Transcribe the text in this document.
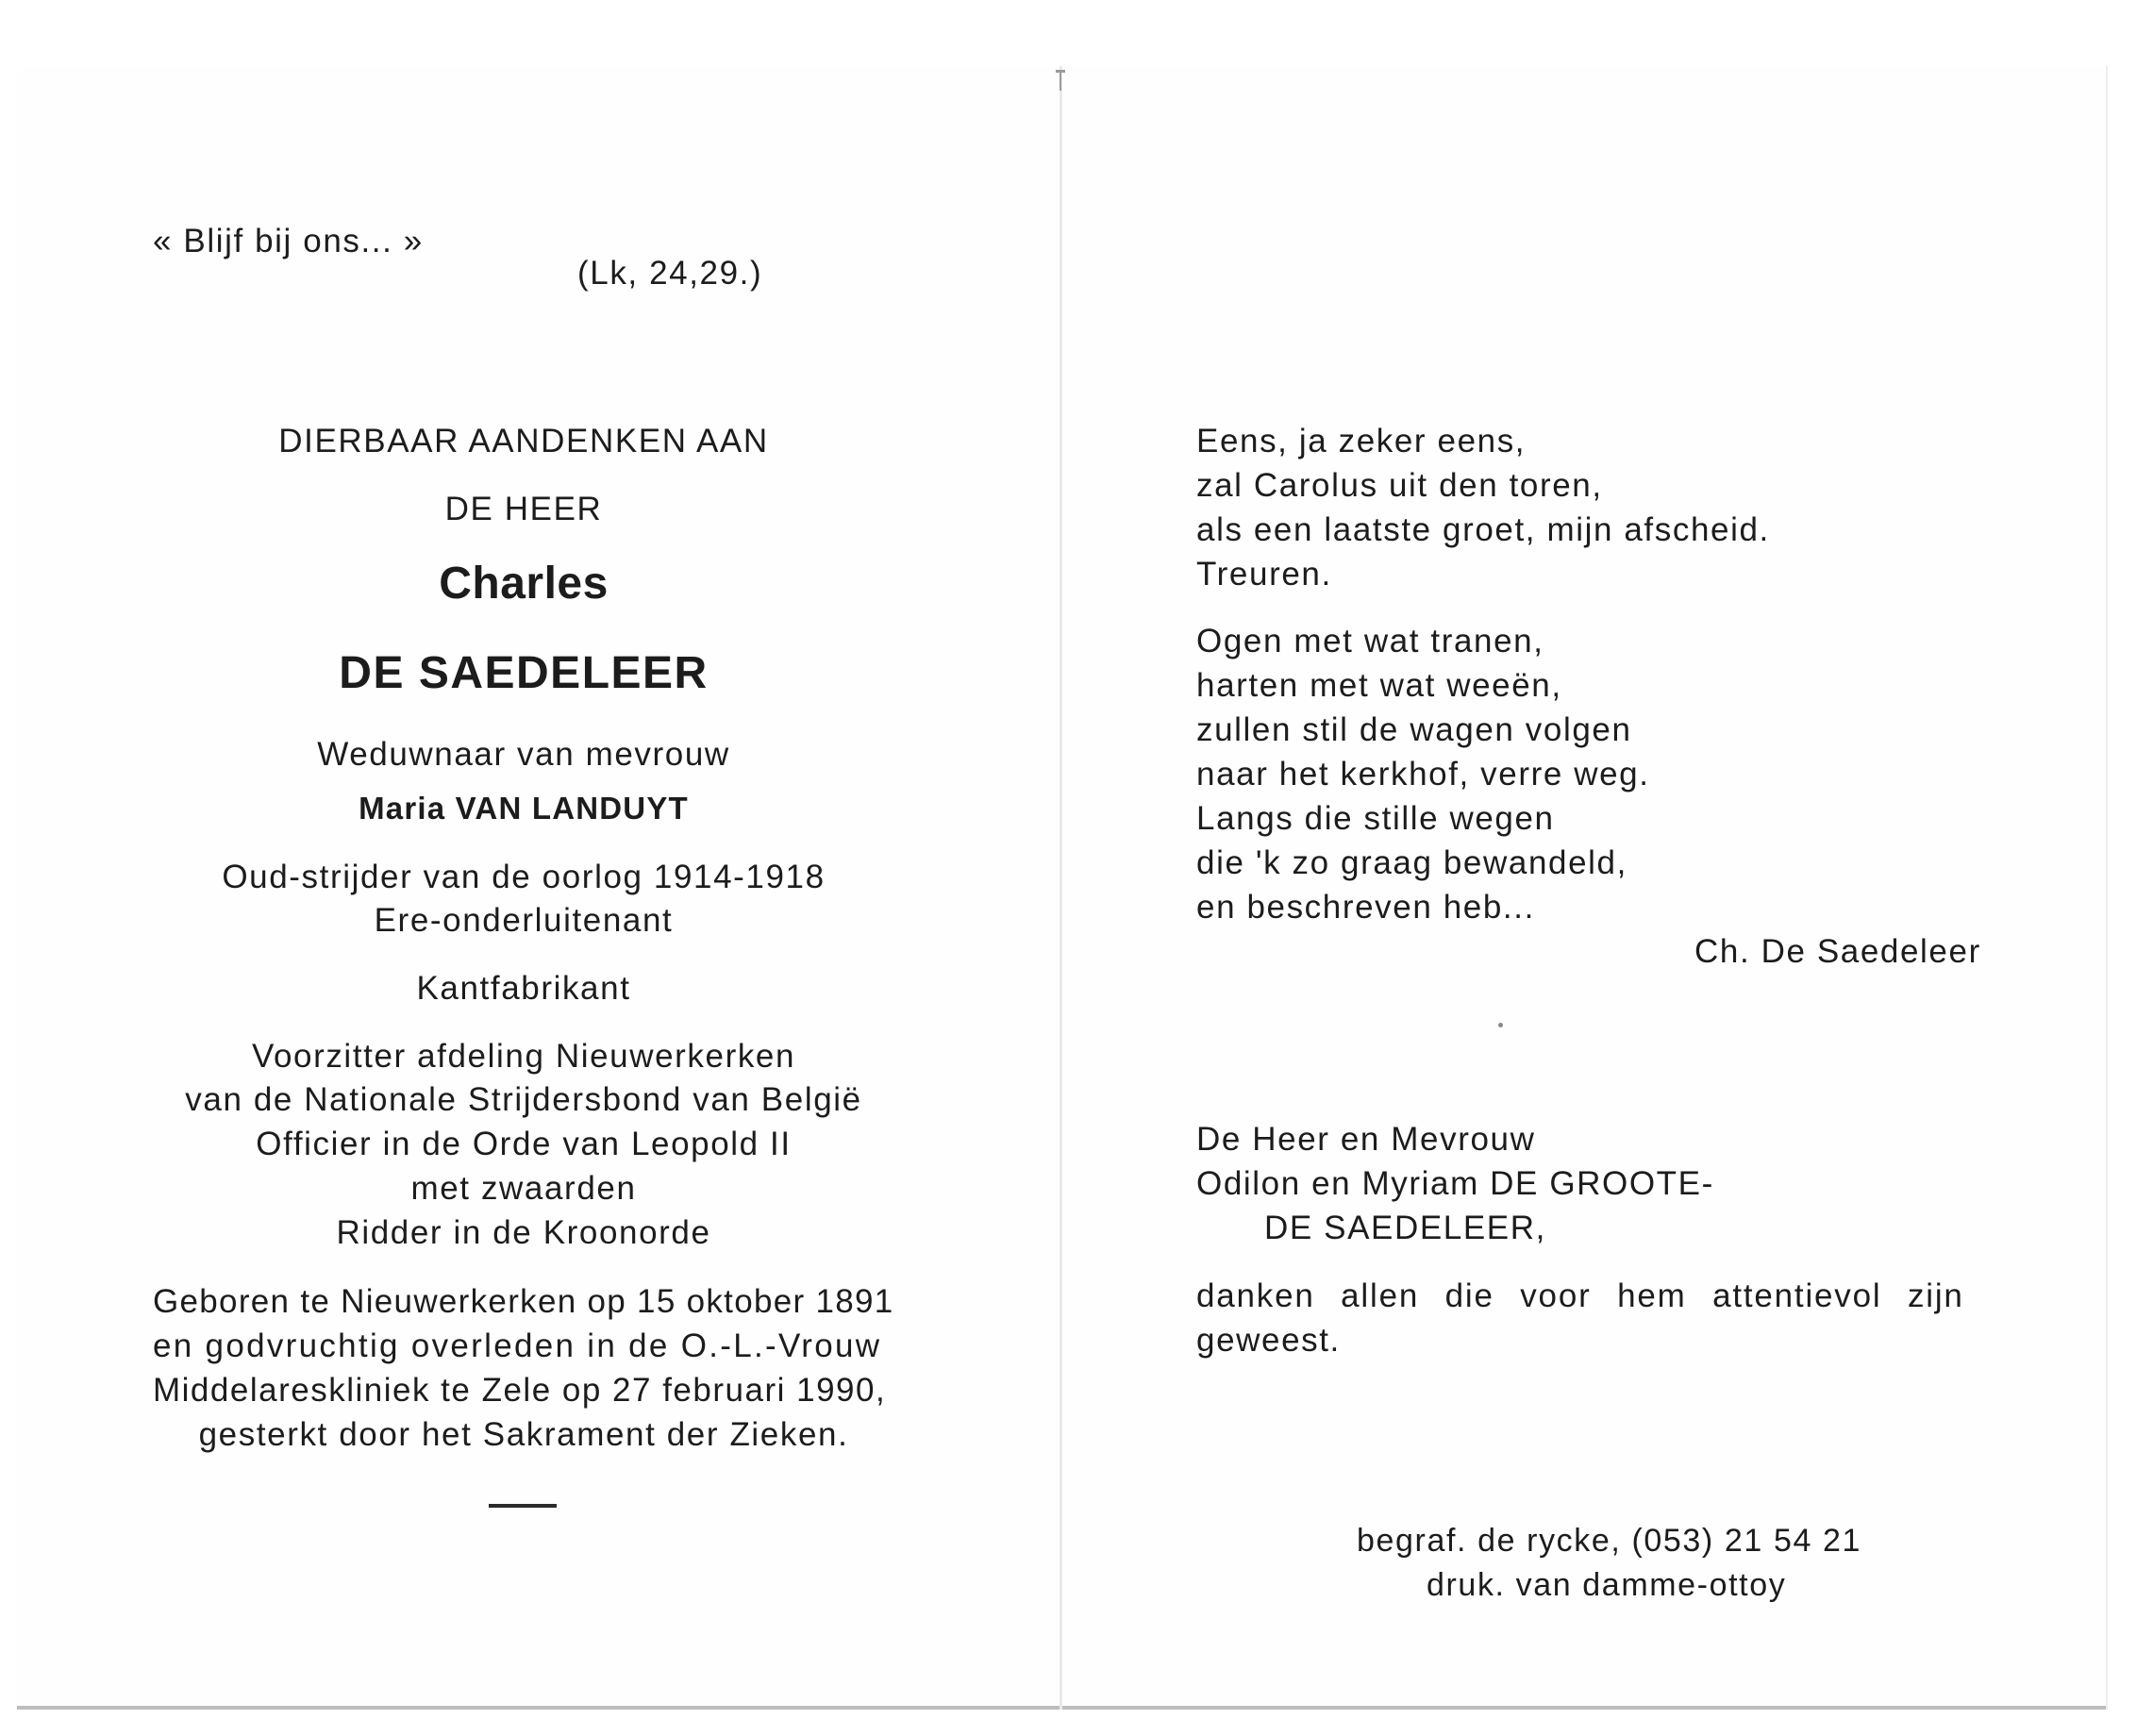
« Blijf bij ons... »
(Lk, 24,29.)
DIERBAAR AANDENKEN AAN
DE HEER
Charles
DE SAEDELEER
Weduwnaar van mevrouw
Maria VAN LANDUYT
Oud-strijder van de oorlog 1914-1918
Ere-onderluitenant
Kantfabrikant
Voorzitter afdeling Nieuwerkerken
van de Nationale Strijdersbond van België
Officier in de Orde van Leopold II
met zwaarden
Ridder in de Kroonorde
Geboren te Nieuwerkerken op 15 oktober 1891
en godvruchtig overleden in de O.-L.-Vrouw
Middelareskliniek te Zele op 27 februari 1990,
gesterkt door het Sakrament der Zieken.
Eens, ja zeker eens,
zal Carolus uit den toren,
als een laatste groet, mijn afscheid.
Treuren.
Ogen met wat tranen,
harten met wat weeën,
zullen stil de wagen volgen
naar het kerkhof, verre weg.
Langs die stille wegen
die 'k zo graag bewandeld,
en beschreven heb...
Ch. De Saedeleer
De Heer en Mevrouw
Odilon en Myriam DE GROOTE-
DE SAEDELEER,
danken allen die voor hem attentievol zijn
geweest.
begraf. de rycke, (053) 21 54 21
druk. van damme-ottoy
